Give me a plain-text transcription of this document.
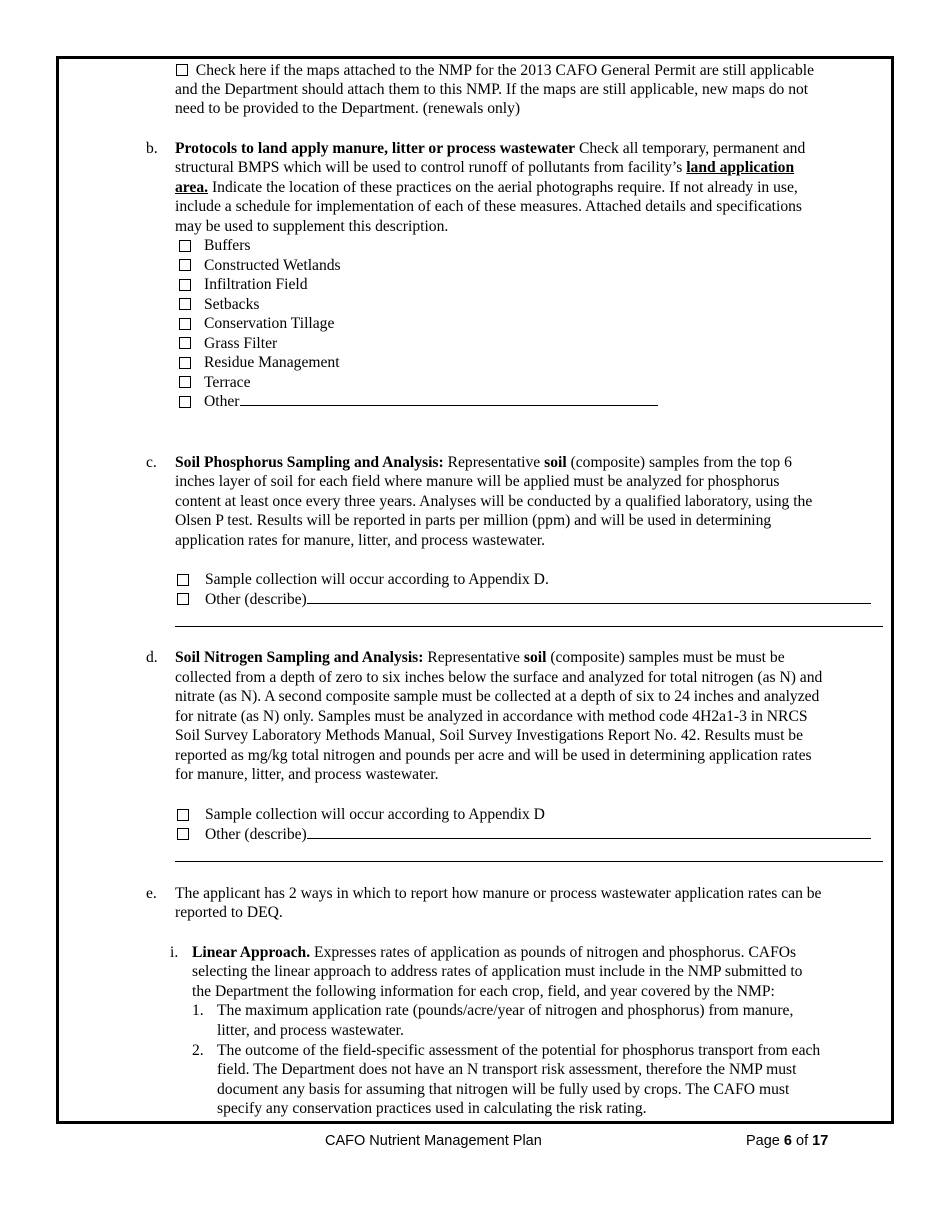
Check here if the maps attached to the NMP for the 2013 CAFO General Permit are still applicable
and the Department should attach them to this NMP. If the maps are still applicable, new maps do not
need to be provided to the Department. (renewals only)
b. Protocols to land apply manure, litter or process wastewater Check all temporary, permanent and
structural BMPS which will be used to control runoff of pollutants from facility’s land application
area. Indicate the location of these practices on the aerial photographs require. If not already in use,
include a schedule for implementation of each of these measures. Attached details and specifications
may be used to supplement this description.
Buffers
Constructed Wetlands
Infiltration Field
Setbacks
Conservation Tillage
Grass Filter
Residue Management
Terrace
Other
c. Soil Phosphorus Sampling and Analysis: Representative soil (composite) samples from the top 6
inches layer of soil for each field where manure will be applied must be analyzed for phosphorus
content at least once every three years. Analyses will be conducted by a qualified laboratory, using the
Olsen P test. Results will be reported in parts per million (ppm) and will be used in determining
application rates for manure, litter, and process wastewater.
Sample collection will occur according to Appendix D.
Other (describe)
d. Soil Nitrogen Sampling and Analysis: Representative soil (composite) samples must be must be
collected from a depth of zero to six inches below the surface and analyzed for total nitrogen (as N) and
nitrate (as N). A second composite sample must be collected at a depth of six to 24 inches and analyzed
for nitrate (as N) only. Samples must be analyzed in accordance with method code 4H2a1-3 in NRCS
Soil Survey Laboratory Methods Manual, Soil Survey Investigations Report No. 42. Results must be
reported as mg/kg total nitrogen and pounds per acre and will be used in determining application rates
for manure, litter, and process wastewater.
Sample collection will occur according to Appendix D
Other (describe)
e. The applicant has 2 ways in which to report how manure or process wastewater application rates can be
reported to DEQ.
i. Linear Approach. Expresses rates of application as pounds of nitrogen and phosphorus. CAFOs
selecting the linear approach to address rates of application must include in the NMP submitted to
the Department the following information for each crop, field, and year covered by the NMP:
1. The maximum application rate (pounds/acre/year of nitrogen and phosphorus) from manure,
litter, and process wastewater.
2. The outcome of the field-specific assessment of the potential for phosphorus transport from each
field. The Department does not have an N transport risk assessment, therefore the NMP must
document any basis for assuming that nitrogen will be fully used by crops. The CAFO must
specify any conservation practices used in calculating the risk rating.
CAFO Nutrient Management Plan	Page 6 of 17
